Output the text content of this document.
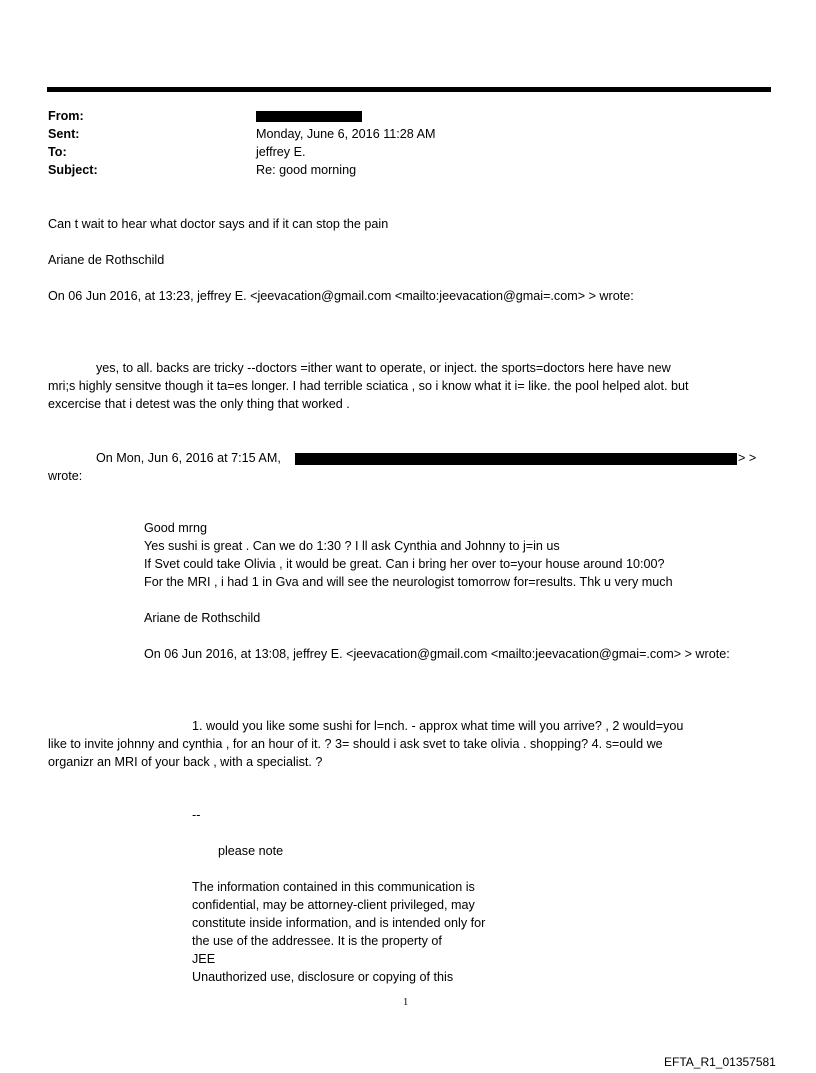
From:
Sent:	Monday, June 6, 2016 11:28 AM
To:	jeffrey E.
Subject:	Re: good morning
Can t wait to hear what doctor says and if it can stop the pain
Ariane de Rothschild
On 06 Jun 2016, at 13:23, jeffrey E. <jeevacation@gmail.com <mailto:jeevacation@gmai=.com> > wrote:
yes, to all. backs are tricky --doctors =ither want to operate, or inject. the sports=doctors here have new
mri;s highly sensitve though it ta=es longer. I had terrible sciatica , so i know what it i= like. the pool helped alot. but
excercise that i detest was the only thing that worked .
On Mon, Jun 6, 2016 at 7:15 AM,	> >
wrote:
Good mrng
Yes sushi is great . Can we do 1:30 ? I ll ask Cynthia and Johnny to j=in us
If Svet could take Olivia , it would be great. Can i bring her over to=your house around 10:00?
For the MRI , i had 1 in Gva and will see the neurologist tomorrow for=results. Thk u very much
Ariane de Rothschild
On 06 Jun 2016, at 13:08, jeffrey E. <jeevacation@gmail.com <mailto:jeevacation@gmai=.com> > wrote:
1. would you like some sushi for l=nch. - approx what time will you arrive? , 2 would=you
like to invite johnny and cynthia , for an hour of it. ? 3= should i ask svet to take olivia . shopping? 4. s=ould we
organizr an MRI of your back , with a specialist. ?
--
please note
The information contained in this communication is
confidential, may be attorney-client privileged, may
constitute inside information, and is intended only for
the use of the addressee. It is the property of
JEE
Unauthorized use, disclosure or copying of this
1
EFTA_R1_01357581
